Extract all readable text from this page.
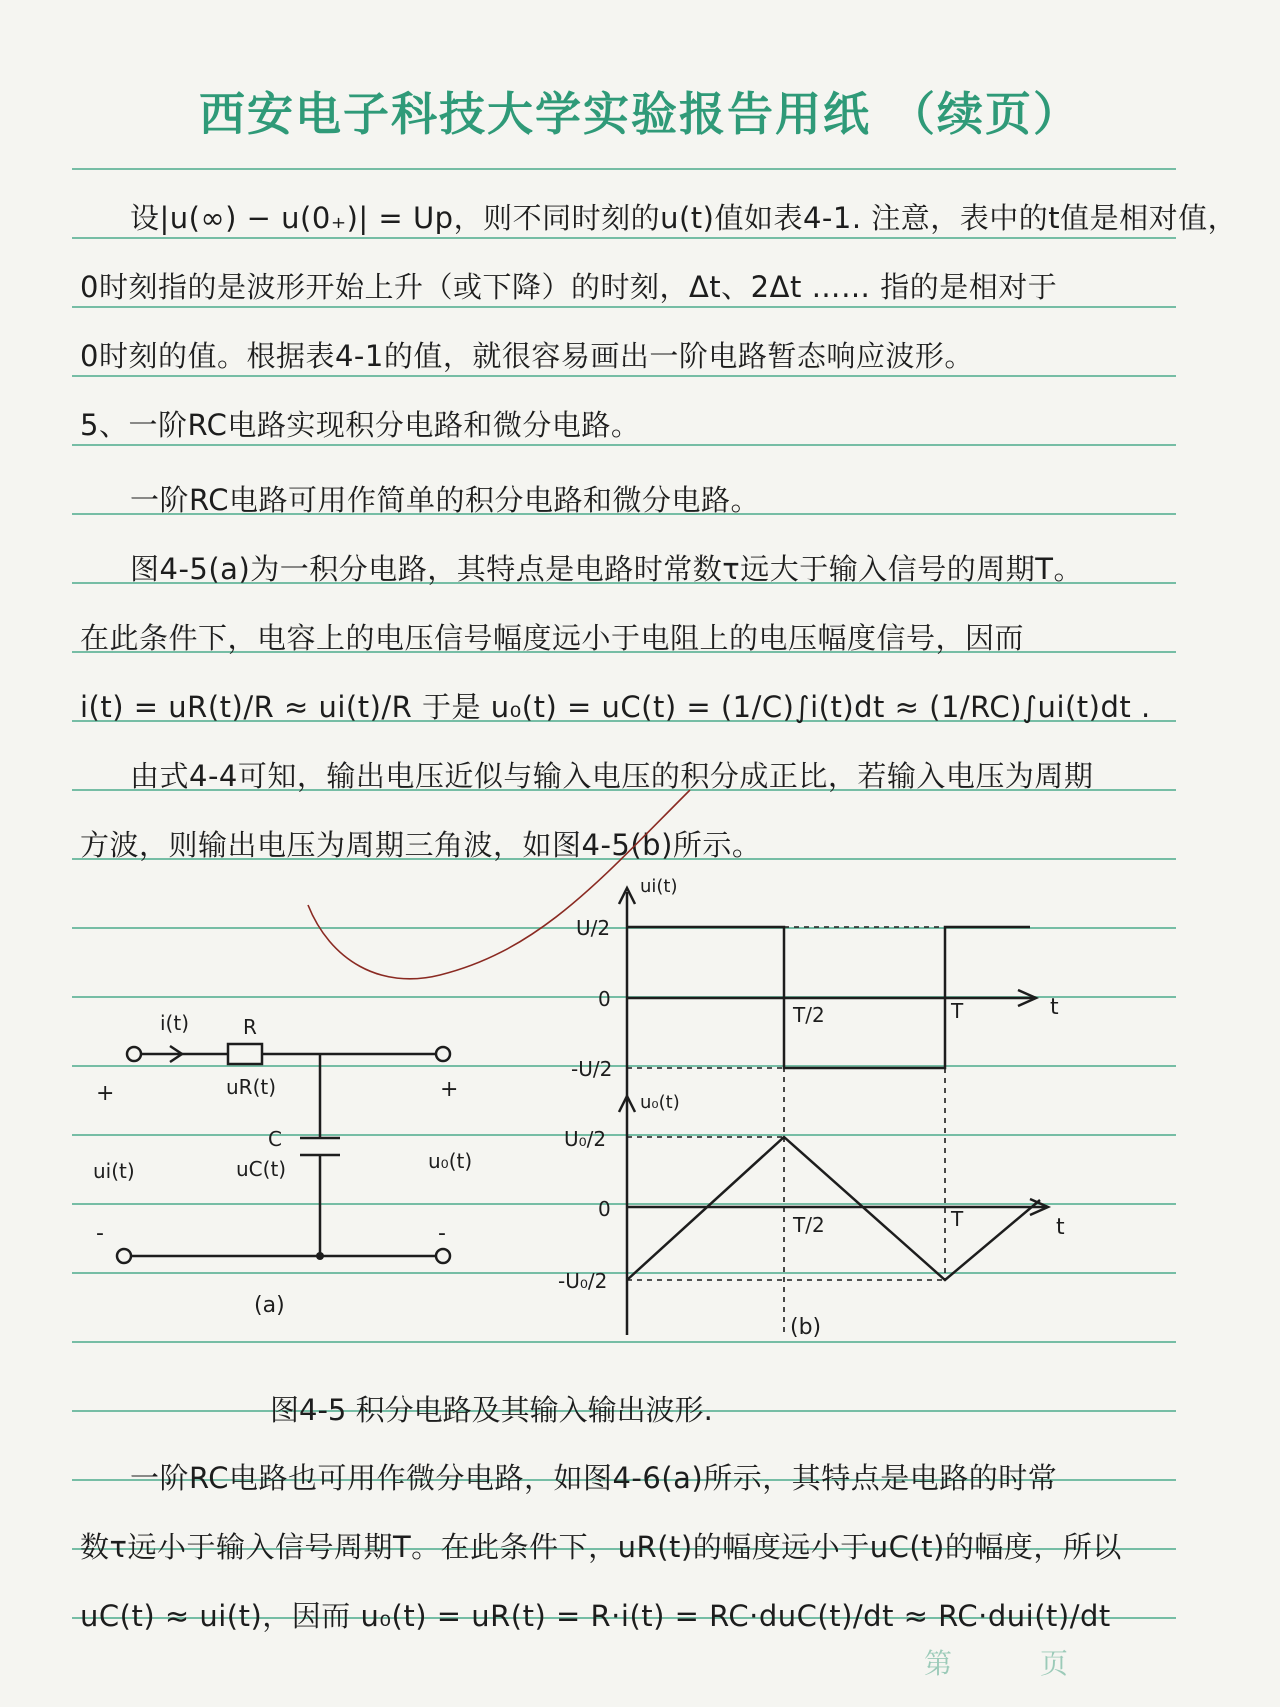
西安电子科技大学实验报告用纸 （续页）
设|u(∞) − u(0₊)| = Up，则不同时刻的u(t)值如表4-1. 注意，表中的t值是相对值，
0时刻指的是波形开始上升（或下降）的时刻，Δt、2Δt …… 指的是相对于
0时刻的值。根据表4-1的值，就很容易画出一阶电路暂态响应波形。
5、一阶RC电路实现积分电路和微分电路。
一阶RC电路可用作简单的积分电路和微分电路。
图4-5(a)为一积分电路，其特点是电路时常数τ远大于输入信号的周期T。
在此条件下，电容上的电压信号幅度远小于电阻上的电压幅度信号，因而
i(t) = uR(t)/R ≈ ui(t)/R 于是 u₀(t) = uC(t) = (1/C)∫i(t)dt ≈ (1/RC)∫ui(t)dt .
由式4-4可知，输出电压近似与输入电压的积分成正比，若输入电压为周期
方波，则输出电压为周期三角波，如图4-5(b)所示。
i(t)	R
uR(t)
C
uC(t)
+
ui(t)
-
+
u₀(t)
-
(a)
ui(t)
U/2
0
-U/2
T/2	T	t
u₀(t)
U₀/2
0
-U₀/2
T/2	T	t
(b)
图4-5 积分电路及其输入输出波形.
一阶RC电路也可用作微分电路，如图4-6(a)所示，其特点是电路的时常
数τ远小于输入信号周期T。在此条件下，uR(t)的幅度远小于uC(t)的幅度，所以
uC(t) ≈ ui(t)，因而 u₀(t) = uR(t) = R·i(t) = RC·duC(t)/dt ≈ RC·dui(t)/dt
第	页
